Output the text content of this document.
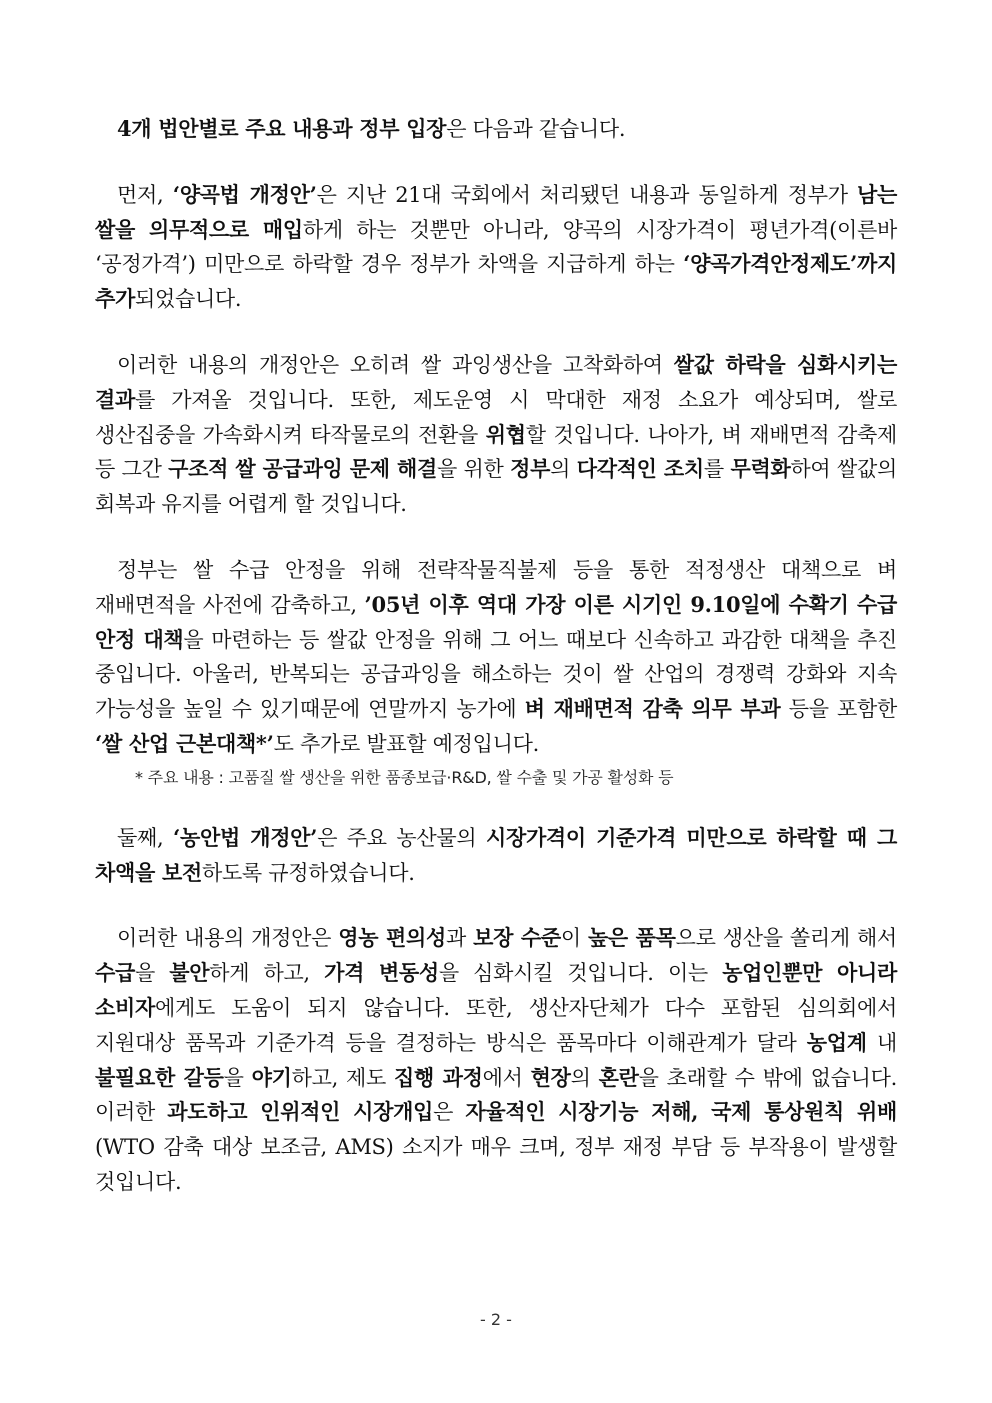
4개 법안별로 주요 내용과 정부 입장은 다음과 같습니다.

먼저, ‘양곡법 개정안’은 지난 21대 국회에서 처리됐던 내용과 동일하게 정부가 남는 쌀을 의무적으로 매입하게 하는 것뿐만 아니라, 양곡의 시장가격이 평년가격(이른바 ‘공정가격’) 미만으로 하락할 경우 정부가 차액을 지급하게 하는 ‘양곡가격안정제도’까지 추가되었습니다.

이러한 내용의 개정안은 오히려 쌀 과잉생산을 고착화하여 쌀값 하락을 심화시키는 결과를 가져올 것입니다. 또한, 제도운영 시 막대한 재정 소요가 예상되며, 쌀로 생산집중을 가속화시켜 타작물로의 전환을 위협할 것입니다. 나아가, 벼 재배면적 감축제 등 그간 구조적 쌀 공급과잉 문제 해결을 위한 정부의 다각적인 조치를 무력화하여 쌀값의 회복과 유지를 어렵게 할 것입니다.

정부는 쌀 수급 안정을 위해 전략작물직불제 등을 통한 적정생산 대책으로 벼 재배면적을 사전에 감축하고, ’05년 이후 역대 가장 이른 시기인 9.10일에 수확기 수급 안정 대책을 마련하는 등 쌀값 안정을 위해 그 어느 때보다 신속하고 과감한 대책을 추진 중입니다. 아울러, 반복되는 공급과잉을 해소하는 것이 쌀 산업의 경쟁력 강화와 지속 가능성을 높일 수 있기때문에 연말까지 농가에 벼 재배면적 감축 의무 부과 등을 포함한 ‘쌀 산업 근본대책*’도 추가로 발표할 예정입니다.

* 주요 내용 : 고품질 쌀 생산을 위한 품종보급·R&D, 쌀 수출 및 가공 활성화 등

둘째, ‘농안법 개정안’은 주요 농산물의 시장가격이 기준가격 미만으로 하락할 때 그 차액을 보전하도록 규정하였습니다.

이러한 내용의 개정안은 영농 편의성과 보장 수준이 높은 품목으로 생산을 쏠리게 해서 수급을 불안하게 하고, 가격 변동성을 심화시킬 것입니다. 이는 농업인뿐만 아니라 소비자에게도 도움이 되지 않습니다. 또한, 생산자단체가 다수 포함된 심의회에서 지원대상 품목과 기준가격 등을 결정하는 방식은 품목마다 이해관계가 달라 농업계 내 불필요한 갈등을 야기하고, 제도 집행 과정에서 현장의 혼란을 초래할 수 밖에 없습니다. 이러한 과도하고 인위적인 시장개입은 자율적인 시장기능 저해, 국제 통상원칙 위배(WTO 감축 대상 보조금, AMS) 소지가 매우 크며, 정부 재정 부담 등 부작용이 발생할 것입니다.

- 2 -
